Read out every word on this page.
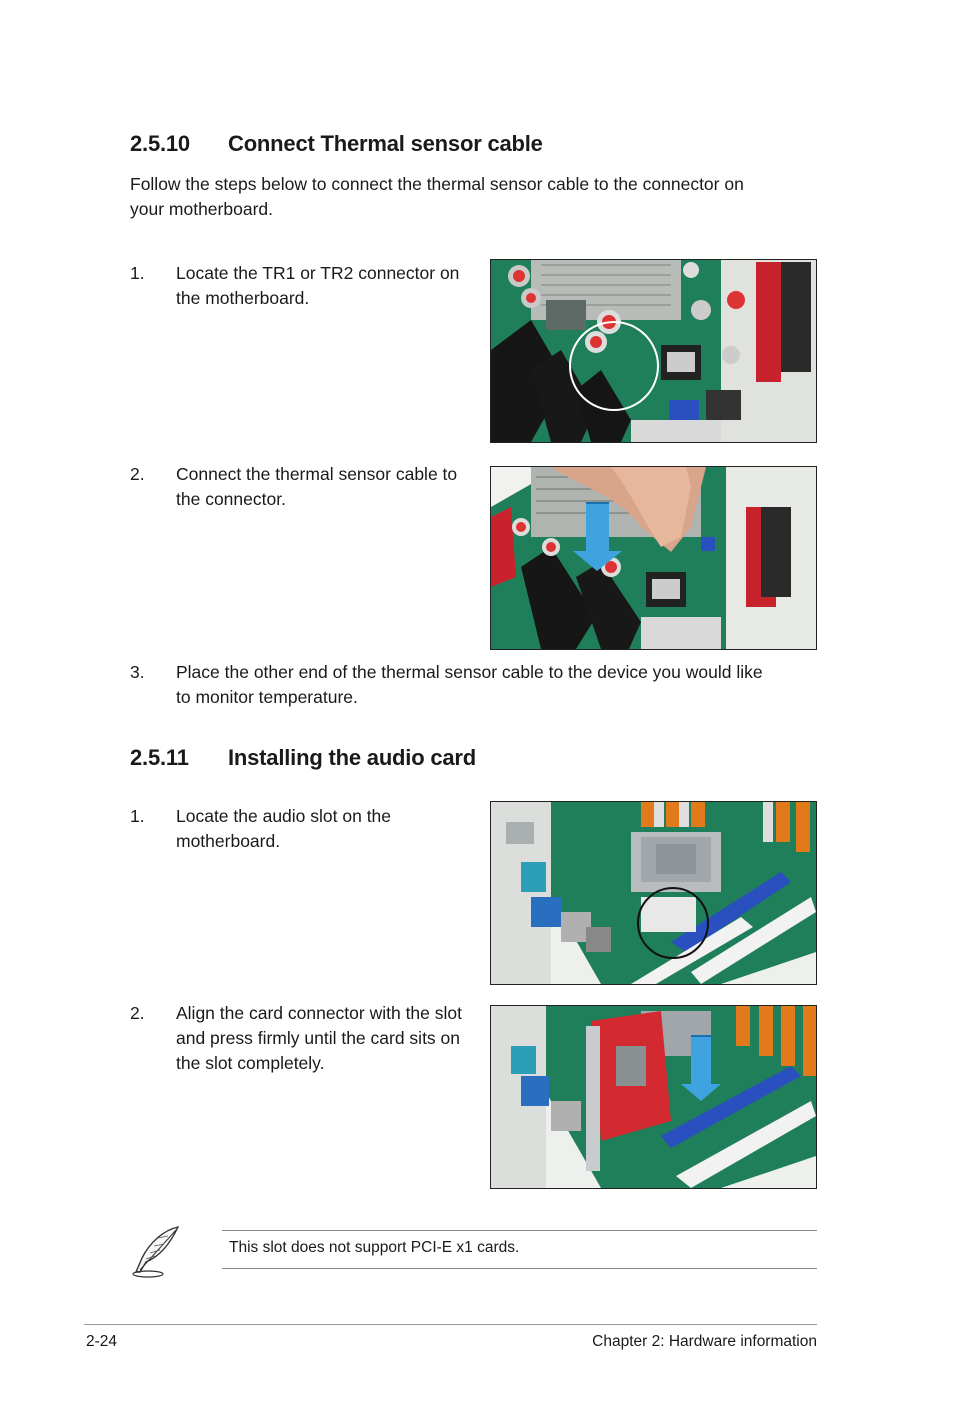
2.5.10 Connect Thermal sensor cable
Follow the steps below to connect the thermal sensor cable to the connector on
your motherboard.
1. Locate the TR1 or TR2 connector on
the motherboard.
2. Connect the thermal sensor cable to
the connector.
3. Place the other end of the thermal sensor cable to the device you would like
to monitor temperature.
2.5.11 Installing the audio card
1. Locate the audio slot on the
motherboard.
2. Align the card connector with the slot
and press firmly until the card sits on
the slot completely.
This slot does not support PCI-E x1 cards.
2-24	Chapter 2: Hardware information
